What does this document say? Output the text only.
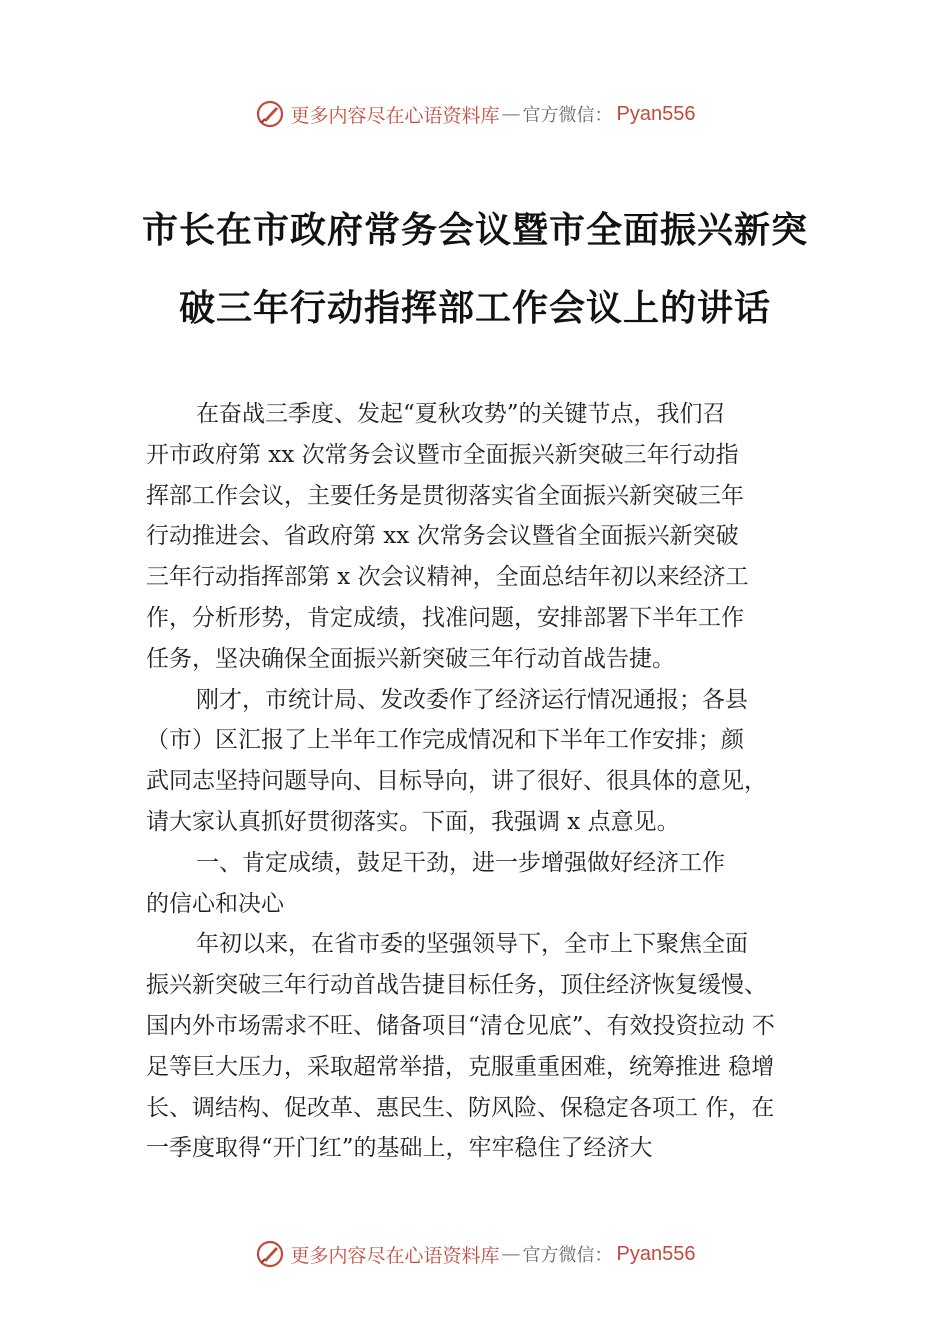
更多内容尽在心语资料库 — 官方微信： Pyan556
市长在市政府常务会议暨市全面振兴新突
破三年行动指挥部工作会议上的讲话
在奋战三季度、发起“夏秋攻势”的关键节点，我们召
开市政府第 xx 次常务会议暨市全面振兴新突破三年行动指
挥部工作会议，主要任务是贯彻落实省全面振兴新突破三年
行动推进会、省政府第 xx 次常务会议暨省全面振兴新突破
三年行动指挥部第 x 次会议精神，全面总结年初以来经济工
作，分析形势，肯定成绩，找准问题，安排部署下半年工作
任务，坚决确保全面振兴新突破三年行动首战告捷。
刚才，市统计局、发改委作了经济运行情况通报；各县
（市）区汇报了上半年工作完成情况和下半年工作安排；颜
武同志坚持问题导向、目标导向，讲了很好、很具体的意见，
请大家认真抓好贯彻落实。下面，我强调 x 点意见。
一、肯定成绩，鼓足干劲，进一步增强做好经济工作
的信心和决心
年初以来，在省市委的坚强领导下，全市上下聚焦全面
振兴新突破三年行动首战告捷目标任务，顶住经济恢复缓慢、
国内外市场需求不旺、储备项目“清仓见底”、有效投资拉动 不
足等巨大压力，采取超常举措，克服重重困难，统筹推进 稳增
长、调结构、促改革、惠民生、防风险、保稳定各项工 作，在
一季度取得“开门红”的基础上，牢牢稳住了经济大
更多内容尽在心语资料库 — 官方微信： Pyan556
